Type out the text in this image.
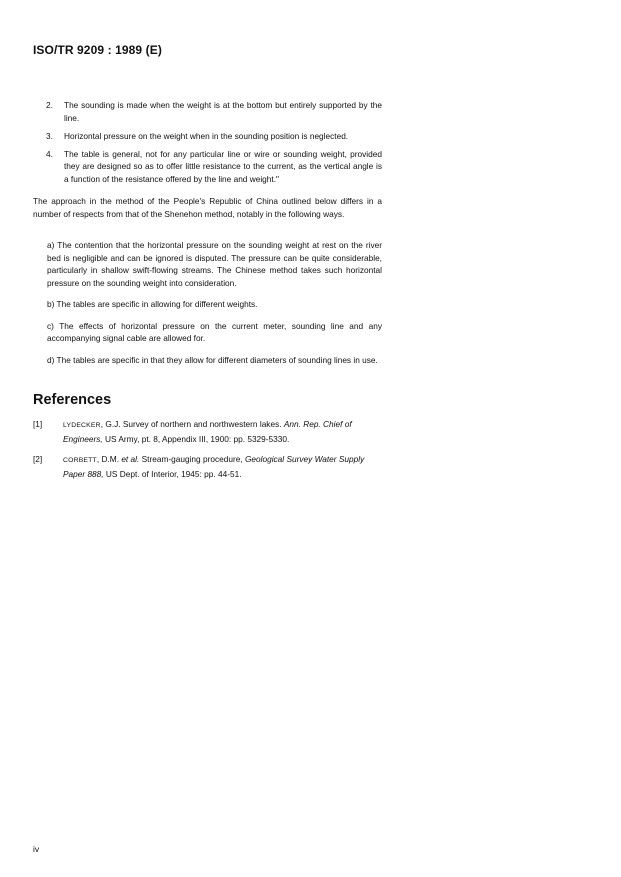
ISO/TR 9209 : 1989 (E)
2.	The sounding is made when the weight is at the bottom but entirely supported by the line.
3.	Horizontal pressure on the weight when in the sounding position is neglected.
4.	The table is general, not for any particular line or wire or sounding weight, provided they are designed so as to offer little resistance to the current, as the vertical angle is a function of the resistance offered by the line and weight."

The approach in the method of the People's Republic of China outlined below differs in a number of respects from that of the Shenehon method, notably in the following ways.

a) The contention that the horizontal pressure on the sounding weight at rest on the river bed is negligible and can be ignored is disputed. The pressure can be quite considerable, particularly in shallow swift-flowing streams. The Chinese method takes such horizontal pressure on the sounding weight into consideration.

b) The tables are specific in allowing for different weights.

c) The effects of horizontal pressure on the current meter, sounding line and any accompanying signal cable are allowed for.

d) The tables are specific in that they allow for different diameters of sounding lines in use.

References
[1]	LYDECKER, G.J. Survey of northern and northwestern lakes. Ann. Rep. Chief of Engineers, US Army, pt. 8, Appendix III, 1900: pp. 5329-5330.
[2]	CORBETT, D.M. et al. Stream-gauging procedure, Geological Survey Water Supply Paper 888, US Dept. of Interior, 1945: pp. 44-51.
iv
